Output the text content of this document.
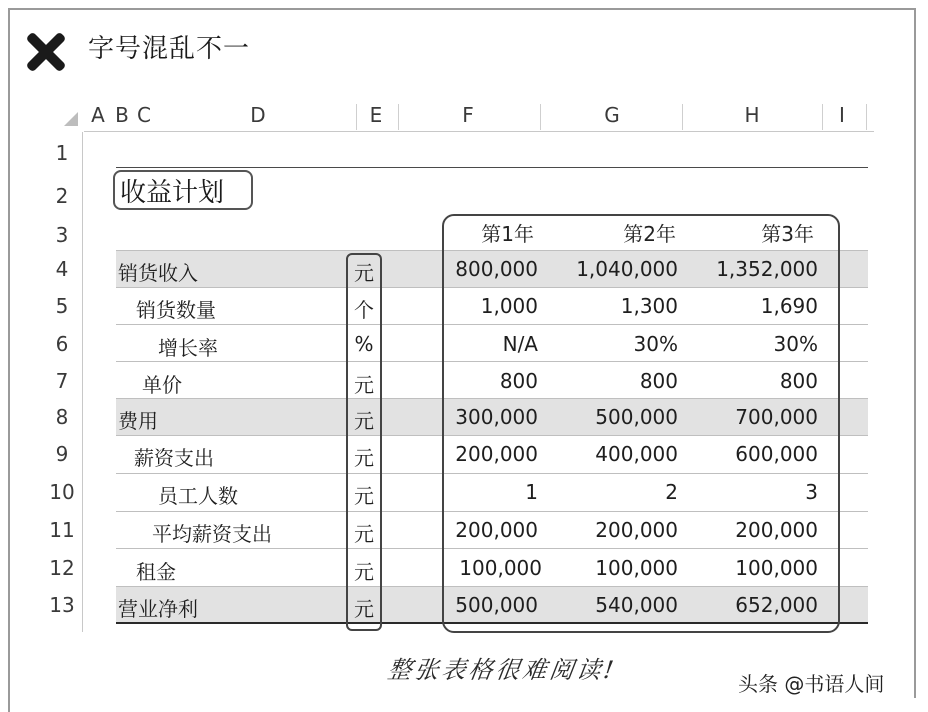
字号混乱不一
A B C	D	E	F	G	H	I
1
2
3
4
5
6
7
8
9
10
11
12
13
收益计划
第1年	第2年	第3年
销货收入	元	800,000	1,040,000	1,352,000
销货数量	个	1,000	1,300	1,690
增长率	%	N/A	30%	30%
单价	元	800	800	800
费用	元	300,000	500,000	700,000
薪资支出	元	200,000	400,000	600,000
员工人数	元	1	2	3
平均薪资支出	元	200,000	200,000	200,000
租金	元	100,000	100,000	100,000
营业净利	元	500,000	540,000	652,000
整张表格很难阅读!	头条 @书语人间
